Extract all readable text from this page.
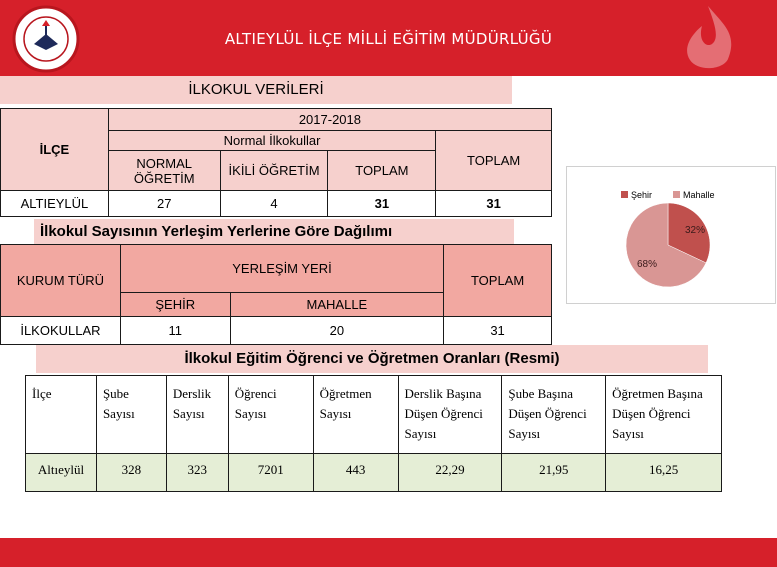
ALTIEYLÜL İLÇE MİLLİ EĞİTİM MÜDÜRLÜĞÜ
İLKOKUL VERİLERİ
İLÇE	2017-2018			
	Normal İlkokullar			TOPLAM
	NORMAL ÖĞRETİM	İKİLİ ÖĞRETİM	TOPLAM	
ALTIEYLÜL	27	4	31	31
İlkokul Sayısının Yerleşim Yerlerine Göre Dağılımı
KURUM TÜRÜ	YERLEŞİM YERİ		TOPLAM
	ŞEHİR	MAHALLE	
İLKOKULLAR	11	20	31
Şehir	Mahalle
32%
68%
İlkokul Eğitim Öğrenci ve Öğretmen Oranları (Resmi)
İlçe	Şube Sayısı	Derslik Sayısı	Öğrenci Sayısı	Öğretmen Sayısı	Derslik Başına Düşen Öğrenci Sayısı	Şube Başına Düşen Öğrenci Sayısı	Öğretmen Başına Düşen Öğrenci Sayısı
Altıeylül	328	323	7201	443	22,29	21,95	16,25
